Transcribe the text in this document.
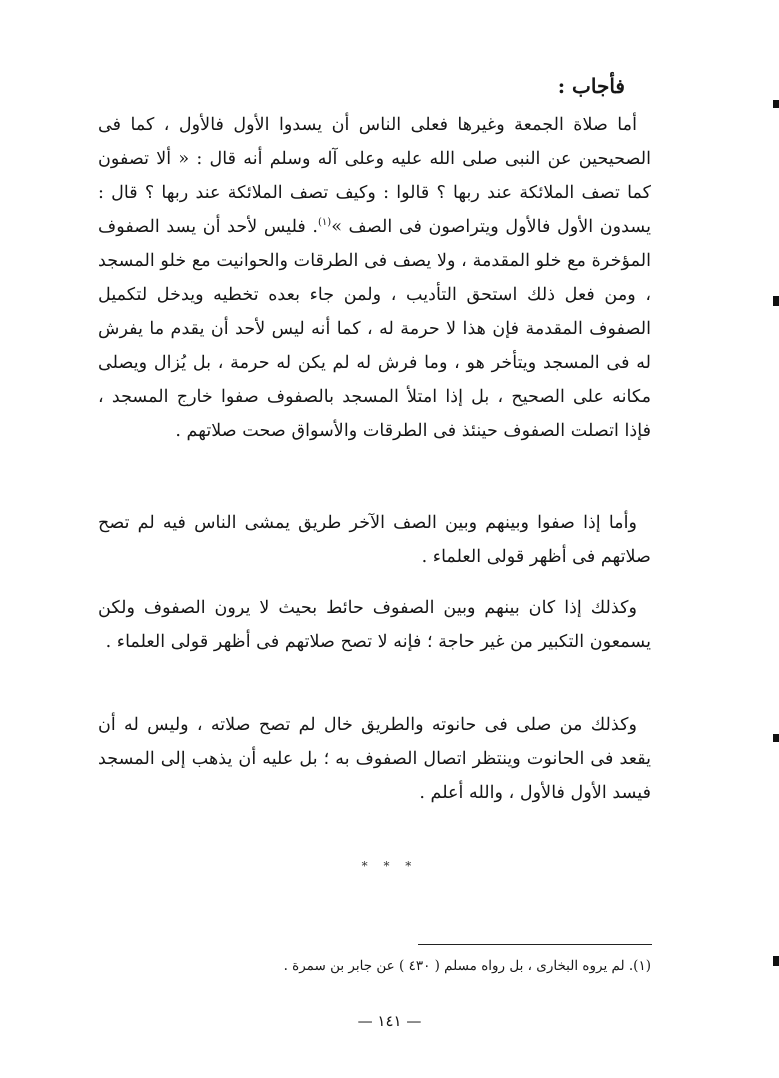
فأجاب :

أما صلاة الجمعة وغيرها فعلى الناس أن يسدوا الأول فالأول ، كما فى الصحيحين عن النبى صلى الله عليه وعلى آله وسلم أنه قال : « ألا تصفون كما تصف الملائكة عند ربها ؟ قالوا : وكيف تصف الملائكة عند ربها ؟ قال : يسدون الأول فالأول ويتراصون فى الصف »$^{(١)}$. فليس لأحد أن يسد الصفوف المؤخرة مع خلو المقدمة ، ولا يصف فى الطرقات والحوانيت مع خلو المسجد ، ومن فعل ذلك استحق التأديب ، ولمن جاء بعده تخطيه ويدخل لتكميل الصفوف المقدمة فإن هذا لا حرمة له ، كما أنه ليس لأحد أن يقدم ما يفرش له فى المسجد ويتأخر هو ، وما فرش له لم يكن له حرمة ، بل يُزال ويصلى مكانه على الصحيح ، بل إذا امتلأ المسجد بالصفوف صفوا خارج المسجد ، فإذا اتصلت الصفوف حينئذ فى الطرقات والأسواق صحت صلاتهم .

وأما إذا صفوا وبينهم وبين الصف الآخر طريق يمشى الناس فيه لم تصح صلاتهم فى أظهر قولى العلماء .

وكذلك إذا كان بينهم وبين الصفوف حائط بحيث لا يرون الصفوف ولكن يسمعون التكبير من غير حاجة ؛ فإنه لا تصح صلاتهم فى أظهر قولى العلماء .

وكذلك من صلى فى حانوته والطريق خال لم تصح صلاته ، وليس له أن يقعد فى الحانوت وينتظر اتصال الصفوف به ؛ بل عليه أن يذهب إلى المسجد فيسد الأول فالأول ، والله أعلم .

* * *

(١). لم يروه البخارى ، بل رواه مسلم ( ٤٣٠ ) عن جابر بن سمرة .

— ١٤١ —
